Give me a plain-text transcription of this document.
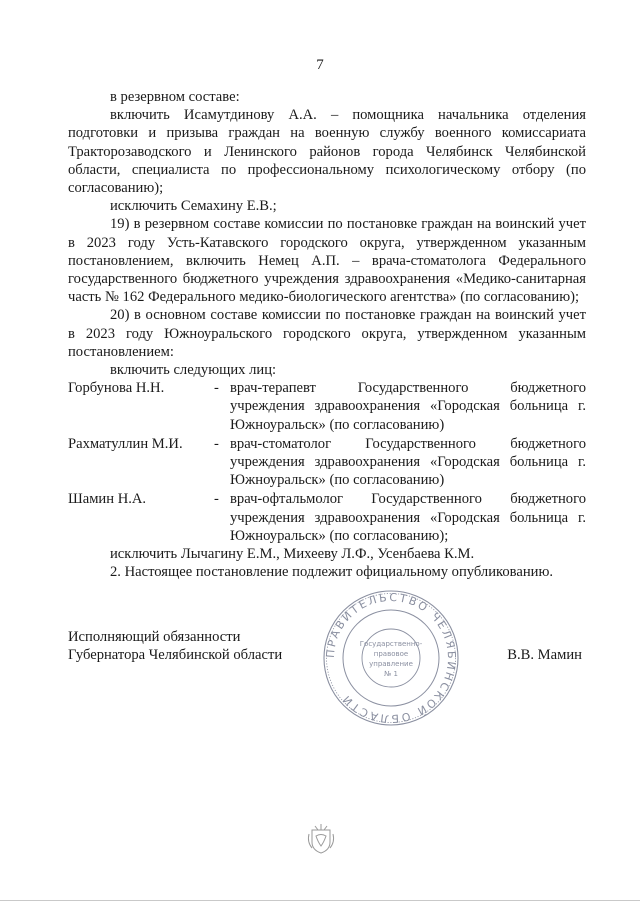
7

в резервном составе:

включить Исамутдинову А.А. – помощника начальника отделения подготовки и призыва граждан на военную службу военного комиссариата Тракторозаводского и Ленинского районов города Челябинск Челябинской области, специалиста по профессиональному психологическому отбору (по согласованию);

исключить Семахину Е.В.;

19) в резервном составе комиссии по постановке граждан на воинский учет в 2023 году Усть-Катавского городского округа, утвержденном указанным постановлением, включить Немец А.П. – врача-стоматолога Федерального государственного бюджетного учреждения здравоохранения «Медико-санитарная часть № 162 Федерального медико-биологического агентства» (по согласованию);

20) в основном составе комиссии по постановке граждан на воинский учет в 2023 году Южноуральского городского округа, утвержденном указанным постановлением:

включить следующих лиц:

Горбунова Н.Н.	- врач-терапевт Государственного бюджетного учреждения здравоохранения «Городская больница г. Южноуральск» (по согласованию)
Рахматуллин М.И.	- врач-стоматолог Государственного бюджетного учреждения здравоохранения «Городская больница г. Южноуральск» (по согласованию)
Шамин Н.А.	- врач-офтальмолог Государственного бюджетного учреждения здравоохранения «Городская больница г. Южноуральск» (по согласованию);

исключить Лычагину Е.М., Михееву Л.Ф., Усенбаева К.М.

2. Настоящее постановление подлежит официальному опубликованию.

Исполняющий обязанности

Губернатора Челябинской области	В.В. Мамин
ПРАВИТЕЛЬСТВО ЧЕЛЯБИНСКОЙ ОБЛАСТИ
Государственно-
правовое
управление
№ 1
